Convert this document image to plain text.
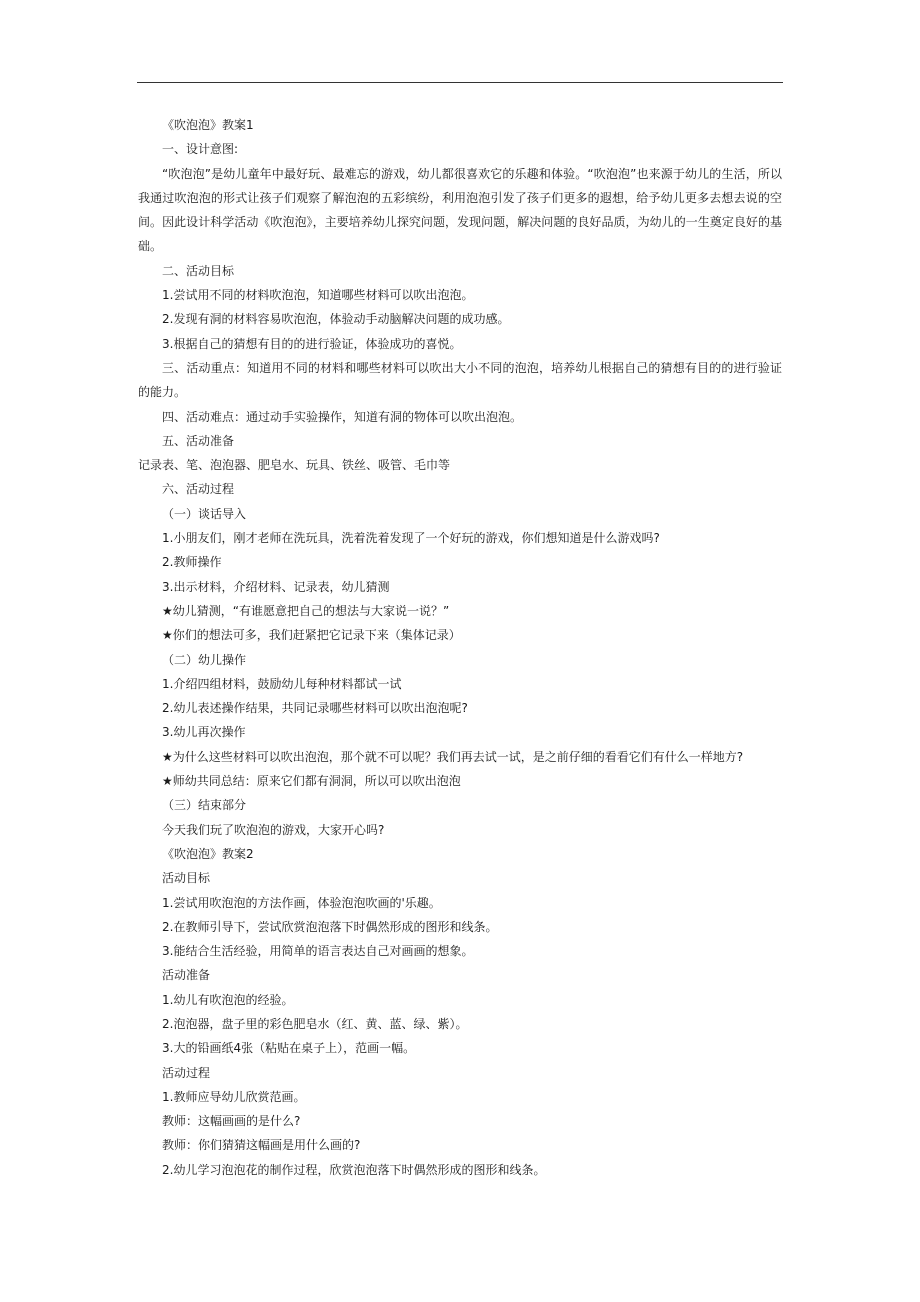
《吹泡泡》教案1

一、设计意图:

“吹泡泡”是幼儿童年中最好玩、最难忘的游戏，幼儿都很喜欢它的乐趣和体验。“吹泡泡”也来源于幼儿的生活，所以我通过吹泡泡的形式让孩子们观察了解泡泡的五彩缤纷，利用泡泡引发了孩子们更多的遐想，给予幼儿更多去想去说的空间。因此设计科学活动《吹泡泡》，主要培养幼儿探究问题，发现问题，解决问题的良好品质，为幼儿的一生奠定良好的基础。

二、活动目标

1.尝试用不同的材料吹泡泡，知道哪些材料可以吹出泡泡。

2.发现有洞的材料容易吹泡泡，体验动手动脑解决问题的成功感。

3.根据自己的猜想有目的的进行验证，体验成功的喜悦。

三、活动重点：知道用不同的材料和哪些材料可以吹出大小不同的泡泡，培养幼儿根据自己的猜想有目的的进行验证的能力。

四、活动难点：通过动手实验操作，知道有洞的物体可以吹出泡泡。

五、活动准备

记录表、笔、泡泡器、肥皂水、玩具、铁丝、吸管、毛巾等

六、活动过程

（一）谈话导入

1.小朋友们，刚才老师在洗玩具，洗着洗着发现了一个好玩的游戏，你们想知道是什么游戏吗?

2.教师操作

3.出示材料，介绍材料、记录表，幼儿猜测

★幼儿猜测，“有谁愿意把自己的想法与大家说一说？”

★你们的想法可多，我们赶紧把它记录下来（集体记录）

（二）幼儿操作

1.介绍四组材料，鼓励幼儿每种材料都试一试

2.幼儿表述操作结果，共同记录哪些材料可以吹出泡泡呢?

3.幼儿再次操作

★为什么这些材料可以吹出泡泡，那个就不可以呢？我们再去试一试，是之前仔细的看看它们有什么一样地方?

★师幼共同总结：原来它们都有洞洞，所以可以吹出泡泡

（三）结束部分

今天我们玩了吹泡泡的游戏，大家开心吗?

《吹泡泡》教案2

活动目标

1.尝试用吹泡泡的方法作画，体验泡泡吹画的'乐趣。

2.在教师引导下，尝试欣赏泡泡落下时偶然形成的图形和线条。

3.能结合生活经验，用简单的语言表达自己对画画的想象。

活动准备

1.幼儿有吹泡泡的经验。

2.泡泡器，盘子里的彩色肥皂水（红、黄、蓝、绿、紫）。

3.大的铅画纸4张（粘贴在桌子上），范画一幅。

活动过程

1.教师应导幼儿欣赏范画。

教师：这幅画画的是什么?

教师：你们猜猜这幅画是用什么画的?

2.幼儿学习泡泡花的制作过程，欣赏泡泡落下时偶然形成的图形和线条。
